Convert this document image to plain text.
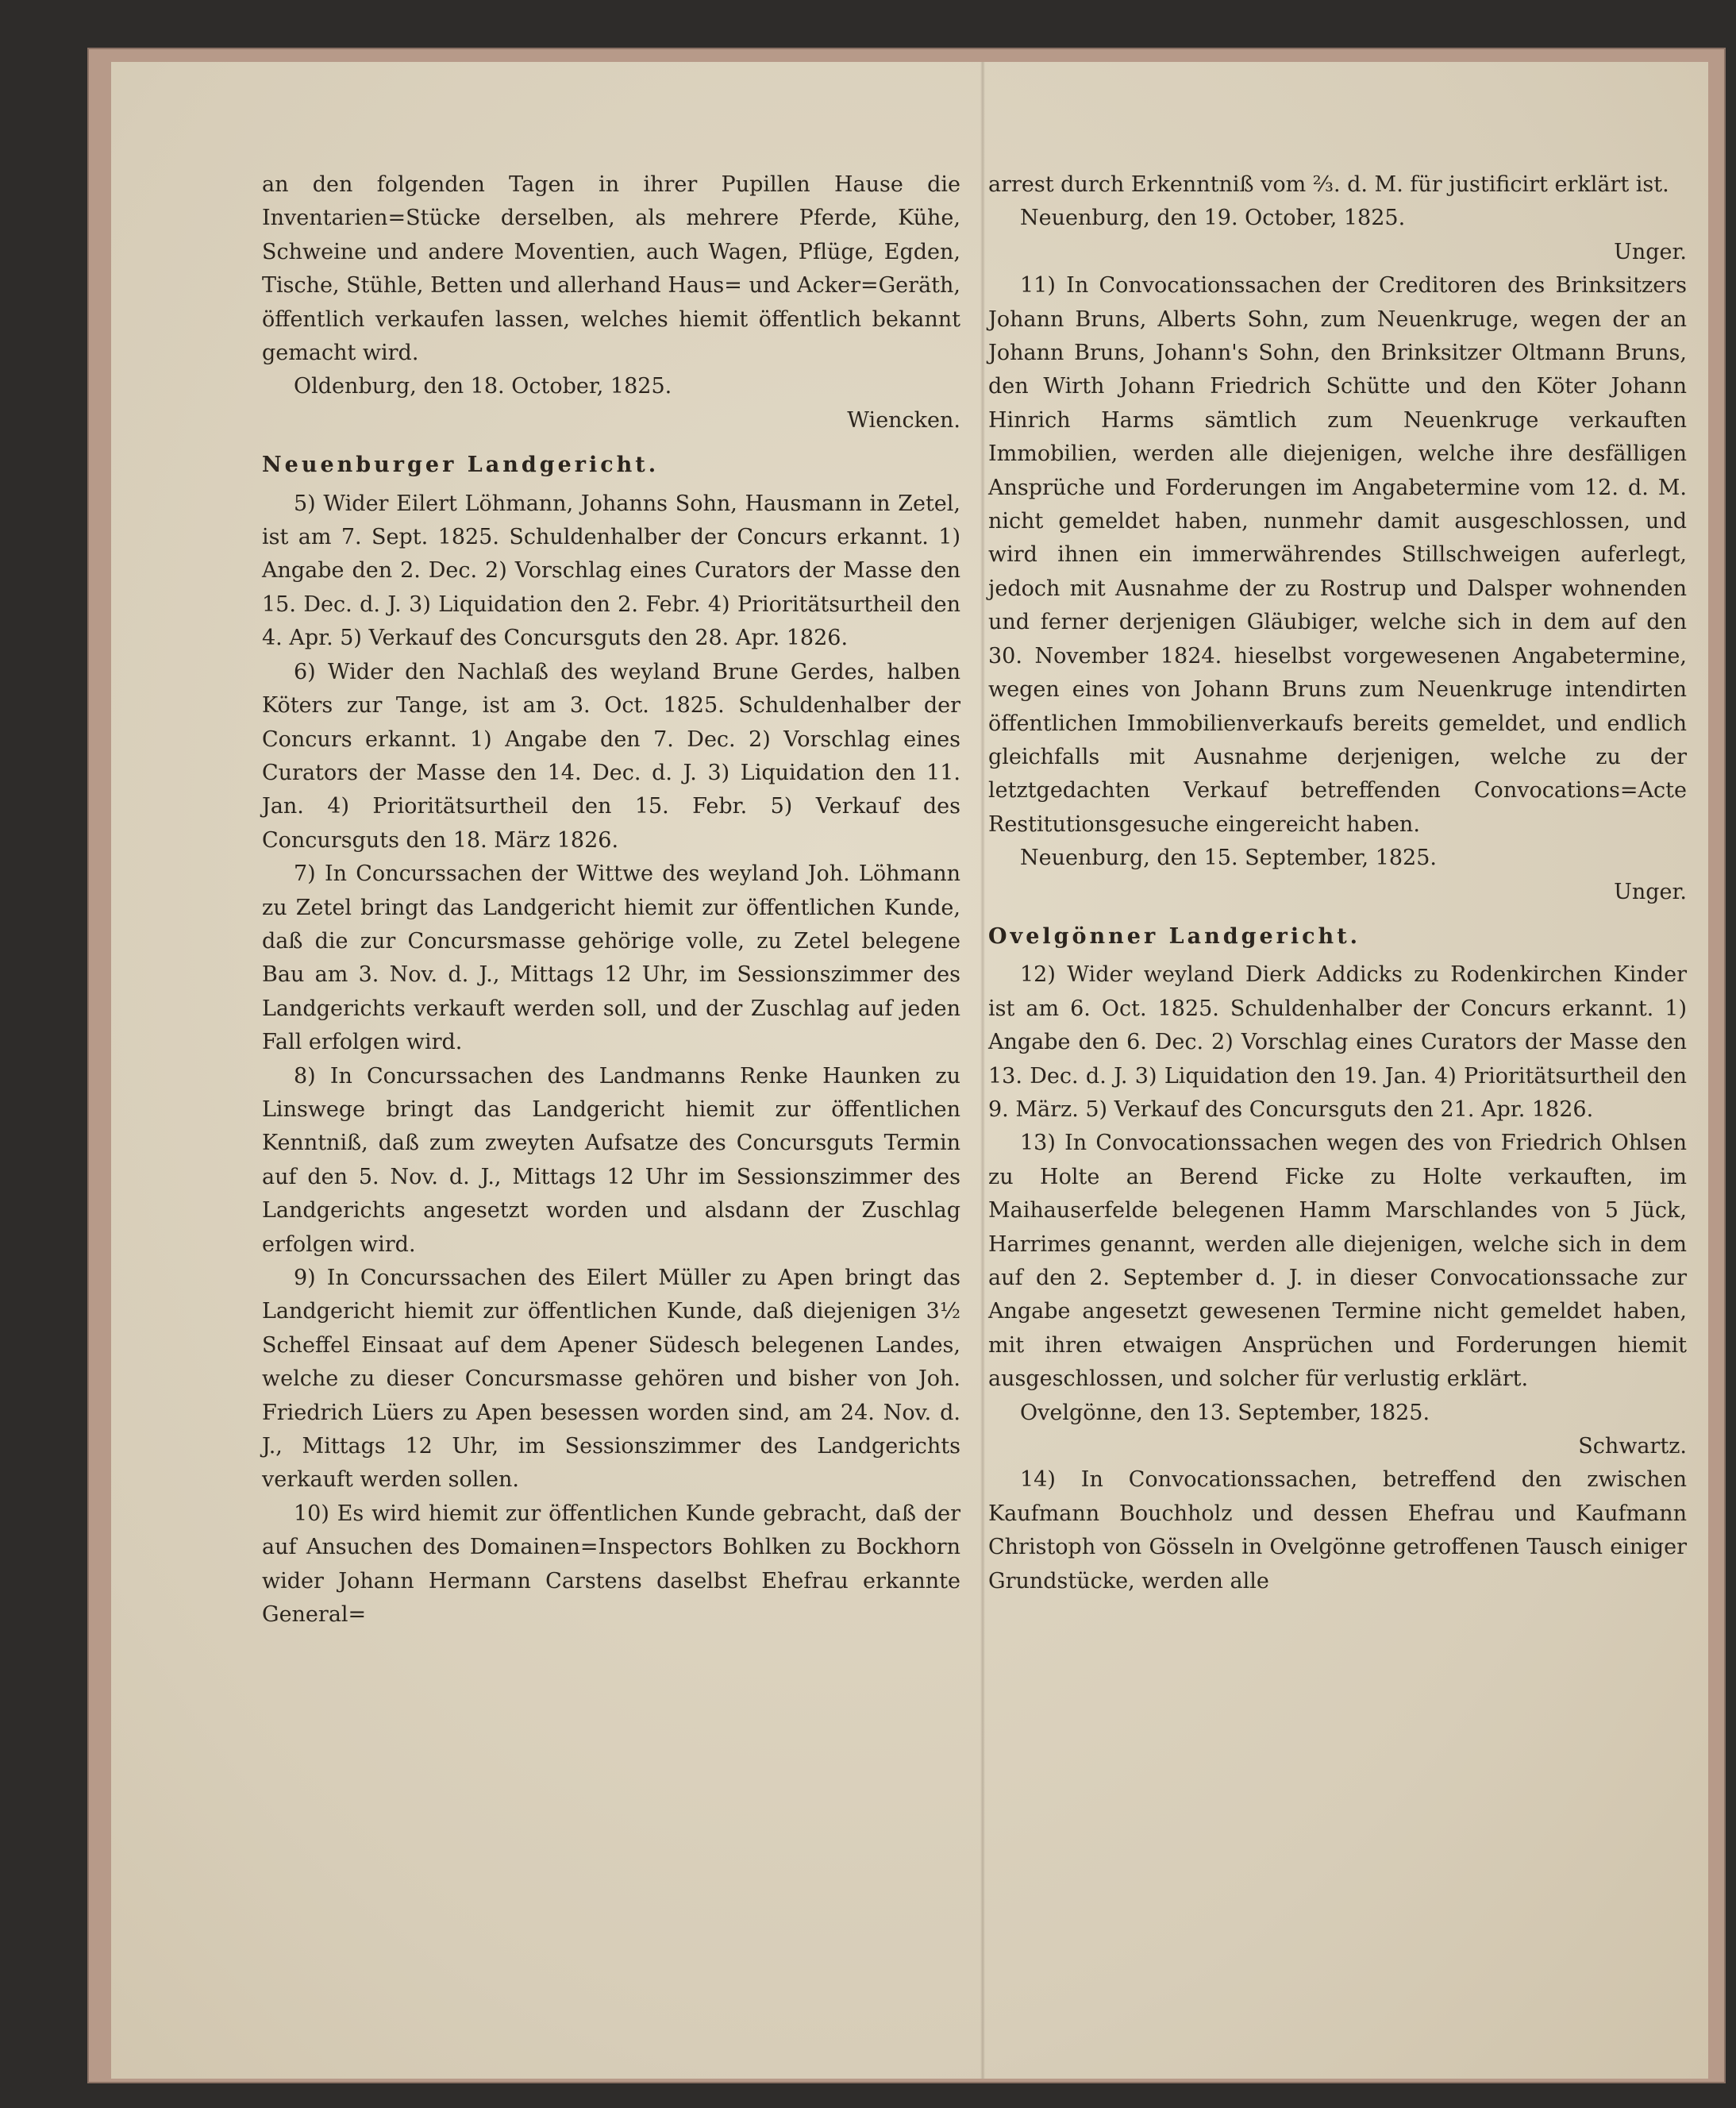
an den folgenden Tagen in ihrer Pupillen Hause die Inventarien=Stücke derselben, als mehrere Pferde, Kühe, Schweine und andere Moventien, auch Wagen, Pflüge, Egden, Tische, Stühle, Betten und allerhand Haus= und Acker=Geräth, öffentlich verkaufen lassen, welches hiemit öffentlich bekannt gemacht wird.

Oldenburg, den 18. October, 1825.

Wiencken.

Neuenburger Landgericht.

5) Wider Eilert Löhmann, Johanns Sohn, Hausmann in Zetel, ist am 7. Sept. 1825. Schuldenhalber der Concurs erkannt. 1) Angabe den 2. Dec. 2) Vorschlag eines Curators der Masse den 15. Dec. d. J. 3) Liquidation den 2. Febr. 4) Prioritätsurtheil den 4. Apr. 5) Verkauf des Concursguts den 28. Apr. 1826.

6) Wider den Nachlaß des weyland Brune Gerdes, halben Köters zur Tange, ist am 3. Oct. 1825. Schuldenhalber der Concurs erkannt. 1) Angabe den 7. Dec. 2) Vorschlag eines Curators der Masse den 14. Dec. d. J. 3) Liquidation den 11. Jan. 4) Prioritätsurtheil den 15. Febr. 5) Verkauf des Concursguts den 18. März 1826.

7) In Concurssachen der Wittwe des weyland Joh. Löhmann zu Zetel bringt das Landgericht hiemit zur öffentlichen Kunde, daß die zur Concursmasse gehörige volle, zu Zetel belegene Bau am 3. Nov. d. J., Mittags 12 Uhr, im Sessionszimmer des Landgerichts verkauft werden soll, und der Zuschlag auf jeden Fall erfolgen wird.

8) In Concurssachen des Landmanns Renke Haunken zu Linswege bringt das Landgericht hiemit zur öffentlichen Kenntniß, daß zum zweyten Aufsatze des Concursguts Termin auf den 5. Nov. d. J., Mittags 12 Uhr im Sessionszimmer des Landgerichts angesetzt worden und alsdann der Zuschlag erfolgen wird.

9) In Concurssachen des Eilert Müller zu Apen bringt das Landgericht hiemit zur öffentlichen Kunde, daß diejenigen 3½ Scheffel Einsaat auf dem Apener Südesch belegenen Landes, welche zu dieser Concursmasse gehören und bisher von Joh. Friedrich Lüers zu Apen besessen worden sind, am 24. Nov. d. J., Mittags 12 Uhr, im Sessionszimmer des Landgerichts verkauft werden sollen.

10) Es wird hiemit zur öffentlichen Kunde gebracht, daß der auf Ansuchen des Domainen=Inspectors Bohlken zu Bockhorn wider Johann Hermann Carstens daselbst Ehefrau erkannte General=

arrest durch Erkenntniß vom ⅔. d. M. für justificirt erklärt ist.

Neuenburg, den 19. October, 1825.

Unger.

11) In Convocationssachen der Creditoren des Brinksitzers Johann Bruns, Alberts Sohn, zum Neuenkruge, wegen der an Johann Bruns, Johann's Sohn, den Brinksitzer Oltmann Bruns, den Wirth Johann Friedrich Schütte und den Köter Johann Hinrich Harms sämtlich zum Neuenkruge verkauften Immobilien, werden alle diejenigen, welche ihre desfälligen Ansprüche und Forderungen im Angabetermine vom 12. d. M. nicht gemeldet haben, nunmehr damit ausgeschlossen, und wird ihnen ein immerwährendes Stillschweigen auferlegt, jedoch mit Ausnahme der zu Rostrup und Dalsper wohnenden und ferner derjenigen Gläubiger, welche sich in dem auf den 30. November 1824. hieselbst vorgewesenen Angabetermine, wegen eines von Johann Bruns zum Neuenkruge intendirten öffentlichen Immobilienverkaufs bereits gemeldet, und endlich gleichfalls mit Ausnahme derjenigen, welche zu der letztgedachten Verkauf betreffenden Convocations=Acte Restitutionsgesuche eingereicht haben.

Neuenburg, den 15. September, 1825.

Unger.

Ovelgönner Landgericht.

12) Wider weyland Dierk Addicks zu Rodenkirchen Kinder ist am 6. Oct. 1825. Schuldenhalber der Concurs erkannt. 1) Angabe den 6. Dec. 2) Vorschlag eines Curators der Masse den 13. Dec. d. J. 3) Liquidation den 19. Jan. 4) Prioritätsurtheil den 9. März. 5) Verkauf des Concursguts den 21. Apr. 1826.

13) In Convocationssachen wegen des von Friedrich Ohlsen zu Holte an Berend Ficke zu Holte verkauften, im Maihauserfelde belegenen Hamm Marschlandes von 5 Jück, Harrimes genannt, werden alle diejenigen, welche sich in dem auf den 2. September d. J. in dieser Convocationssache zur Angabe angesetzt gewesenen Termine nicht gemeldet haben, mit ihren etwaigen Ansprüchen und Forderungen hiemit ausgeschlossen, und solcher für verlustig erklärt.

Ovelgönne, den 13. September, 1825.

Schwartz.

14) In Convocationssachen, betreffend den zwischen Kaufmann Bouchholz und dessen Ehefrau und Kaufmann Christoph von Gösseln in Ovelgönne getroffenen Tausch einiger Grundstücke, werden alle
